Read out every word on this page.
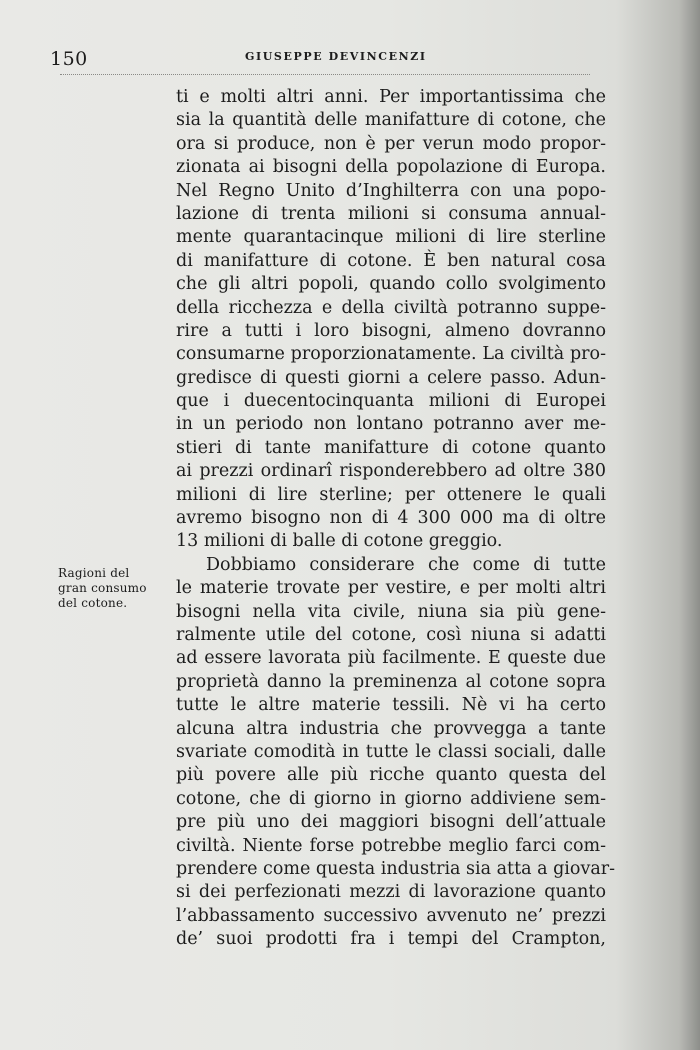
150	GIUSEPPE DEVINCENZI
Ragioni del
gran consumo
del cotone.
ti e molti altri anni. Per importantissima che
sia la quantità delle manifatture di cotone, che
ora si produce, non è per verun modo propor-
zionata ai bisogni della popolazione di Europa.
Nel Regno Unito d’Inghilterra con una popo-
lazione di trenta milioni si consuma annual-
mente quarantacinque milioni di lire sterline
di manifatture di cotone. È ben natural cosa
che gli altri popoli, quando collo svolgimento
della ricchezza e della civiltà potranno suppe-
rire a tutti i loro bisogni, almeno dovranno
consumarne proporzionatamente. La civiltà pro-
gredisce di questi giorni a celere passo. Adun-
que i duecentocinquanta milioni di Europei
in un periodo non lontano potranno aver me-
stieri di tante manifatture di cotone quanto
ai prezzi ordinarî risponderebbero ad oltre 380
milioni di lire sterline; per ottenere le quali
avremo bisogno non di 4 300 000 ma di oltre
13 milioni di balle di cotone greggio.
Dobbiamo considerare che come di tutte
le materie trovate per vestire, e per molti altri
bisogni nella vita civile, niuna sia più gene-
ralmente utile del cotone, così niuna si adatti
ad essere lavorata più facilmente. E queste due
proprietà danno la preminenza al cotone sopra
tutte le altre materie tessili. Nè vi ha certo
alcuna altra industria che provvegga a tante
svariate comodità in tutte le classi sociali, dalle
più povere alle più ricche quanto questa del
cotone, che di giorno in giorno addiviene sem-
pre più uno dei maggiori bisogni dell’attuale
civiltà. Niente forse potrebbe meglio farci com-
prendere come questa industria sia atta a giovar-
si dei perfezionati mezzi di lavorazione quanto
l’abbassamento successivo avvenuto ne’ prezzi
de’ suoi prodotti fra i tempi del Crampton,
